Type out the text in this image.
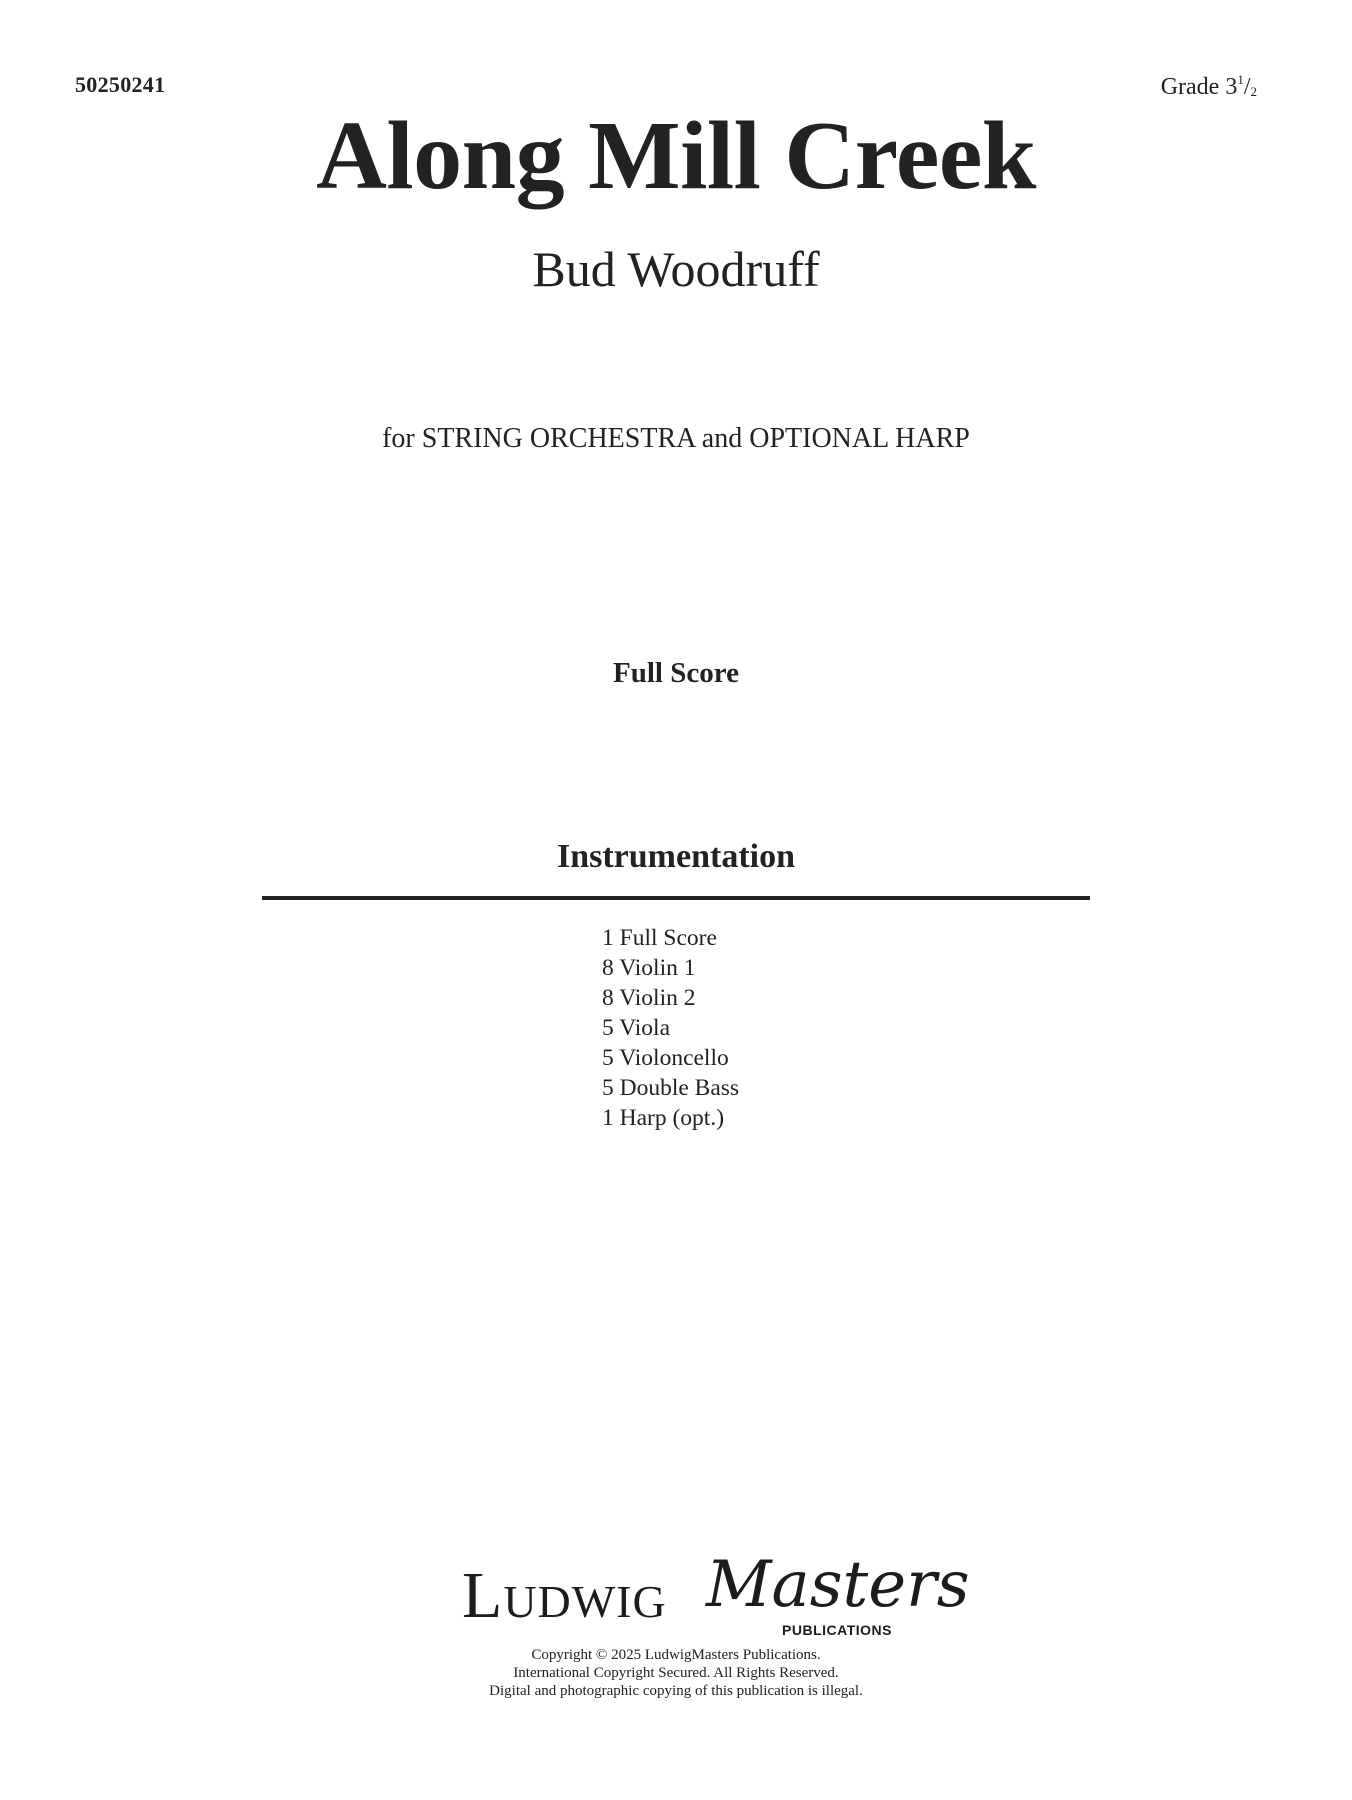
50250241	Grade $3^1/_2$
Along Mill Creek
Bud Woodruff
for STRING ORCHESTRA and OPTIONAL HARP
Full Score
Instrumentation
1 Full Score
8 Violin 1
8 Violin 2
5 Viola
5 Violoncello
5 Double Bass
1 Harp (opt.)
LUDWIG Masters
PUBLICATIONS
Copyright © 2025 LudwigMasters Publications.
International Copyright Secured. All Rights Reserved.
Digital and photographic copying of this publication is illegal.
